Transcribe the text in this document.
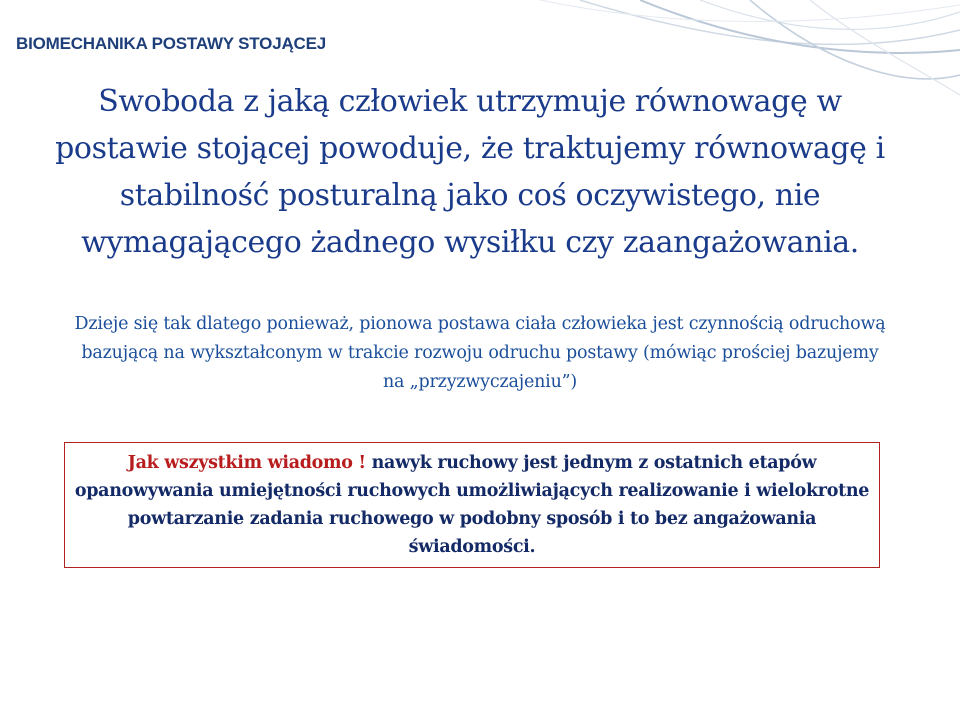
BIOMECHANIKA POSTAWY STOJĄCEJ
Swoboda z jaką człowiek utrzymuje równowagę w postawie stojącej powoduje, że traktujemy równowagę i stabilność posturalną jako coś oczywistego, nie wymagającego żadnego wysiłku czy zaangażowania.
Dzieje się tak dlatego ponieważ, pionowa postawa ciała człowieka jest czynnością odruchową bazującą na wykształconym w trakcie rozwoju odruchu postawy (mówiąc prościej bazujemy na „przyzwyczajeniu”)
Jak wszystkim wiadomo ! nawyk ruchowy jest jednym z ostatnich etapów opanowywania umiejętności ruchowych umożliwiających realizowanie i wielokrotne powtarzanie zadania ruchowego w podobny sposób i to bez angażowania świadomości.
